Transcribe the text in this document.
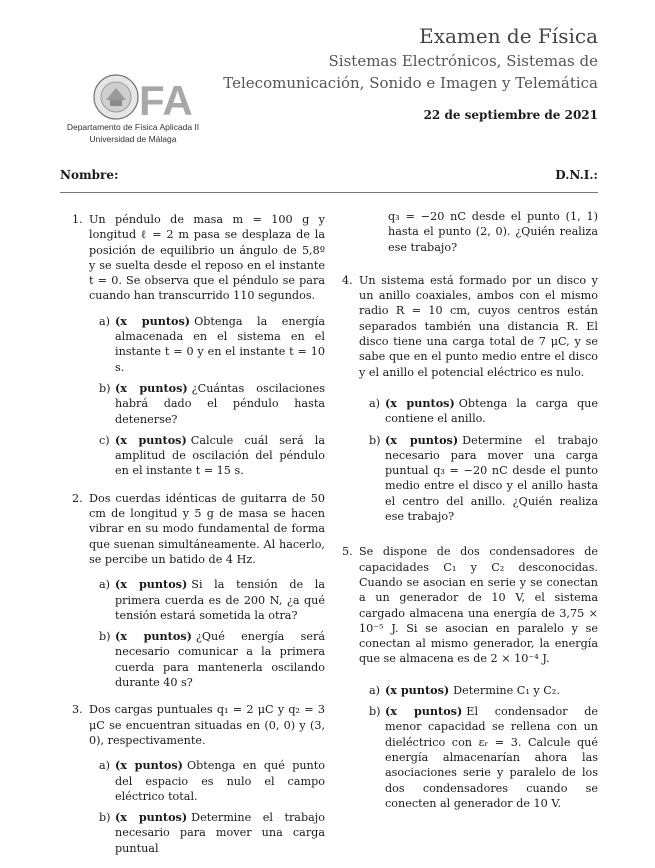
FA
Departamento de Física Aplicada II
Universidad de Málaga
Examen de Física
Sistemas Electrónicos, Sistemas de
Telecomunicación, Sonido e Imagen y Telemática
22 de septiembre de 2021
Nombre:	D.N.I.:
1. Un péndulo de masa m = 100 g y longitud ℓ = 2 m pasa se desplaza de la posición de equilibrio un ángulo de 5,8º y se suelta desde el reposo en el instante t = 0. Se observa que el péndulo se para cuando han transcurrido 110 segundos.
a) (x puntos) Obtenga la energía almacenada en el sistema en el instante t = 0 y en el instante t = 10 s.
b) (x puntos) ¿Cuántas oscilaciones habrá dado el péndulo hasta detenerse?
c) (x puntos) Calcule cuál será la amplitud de oscilación del péndulo en el instante t = 15 s.
2. Dos cuerdas idénticas de guitarra de 50 cm de longitud y 5 g de masa se hacen vibrar en su modo fundamental de forma que suenan simultáneamente. Al hacerlo, se percibe un batido de 4 Hz.
a) (x puntos) Si la tensión de la primera cuerda es de 200 N, ¿a qué tensión estará sometida la otra?
b) (x puntos) ¿Qué energía será necesario comunicar a la primera cuerda para mantenerla oscilando durante 40 s?
3. Dos cargas puntuales q₁ = 2 μC y q₂ = 3 μC se encuentran situadas en (0, 0) y (3, 0), respectivamente.
a) (x puntos) Obtenga en qué punto del espacio es nulo el campo eléctrico total.
b) (x puntos) Determine el trabajo necesario para mover una carga puntual
q₃ = −20 nC desde el punto (1, 1) hasta el punto (2, 0). ¿Quién realiza ese trabajo?
4. Un sistema está formado por un disco y un anillo coaxiales, ambos con el mismo radio R = 10 cm, cuyos centros están separados también una distancia R. El disco tiene una carga total de 7 μC, y se sabe que en el punto medio entre el disco y el anillo el potencial eléctrico es nulo.
a) (x puntos) Obtenga la carga que contiene el anillo.
b) (x puntos) Determine el trabajo necesario para mover una carga puntual q₃ = −20 nC desde el punto medio entre el disco y el anillo hasta el centro del anillo. ¿Quién realiza ese trabajo?
5. Se dispone de dos condensadores de capacidades C₁ y C₂ desconocidas. Cuando se asocian en serie y se conectan a un generador de 10 V, el sistema cargado almacena una energía de 3,75 × 10⁻⁵ J. Si se asocian en paralelo y se conectan al mismo generador, la energía que se almacena es de 2 × 10⁻⁴ J.
a) (x puntos) Determine C₁ y C₂.
b) (x puntos) El condensador de menor capacidad se rellena con un dieléctrico con εᵣ = 3. Calcule qué energía almacenarían ahora las asociaciones serie y paralelo de los dos condensadores cuando se conecten al generador de 10 V.
